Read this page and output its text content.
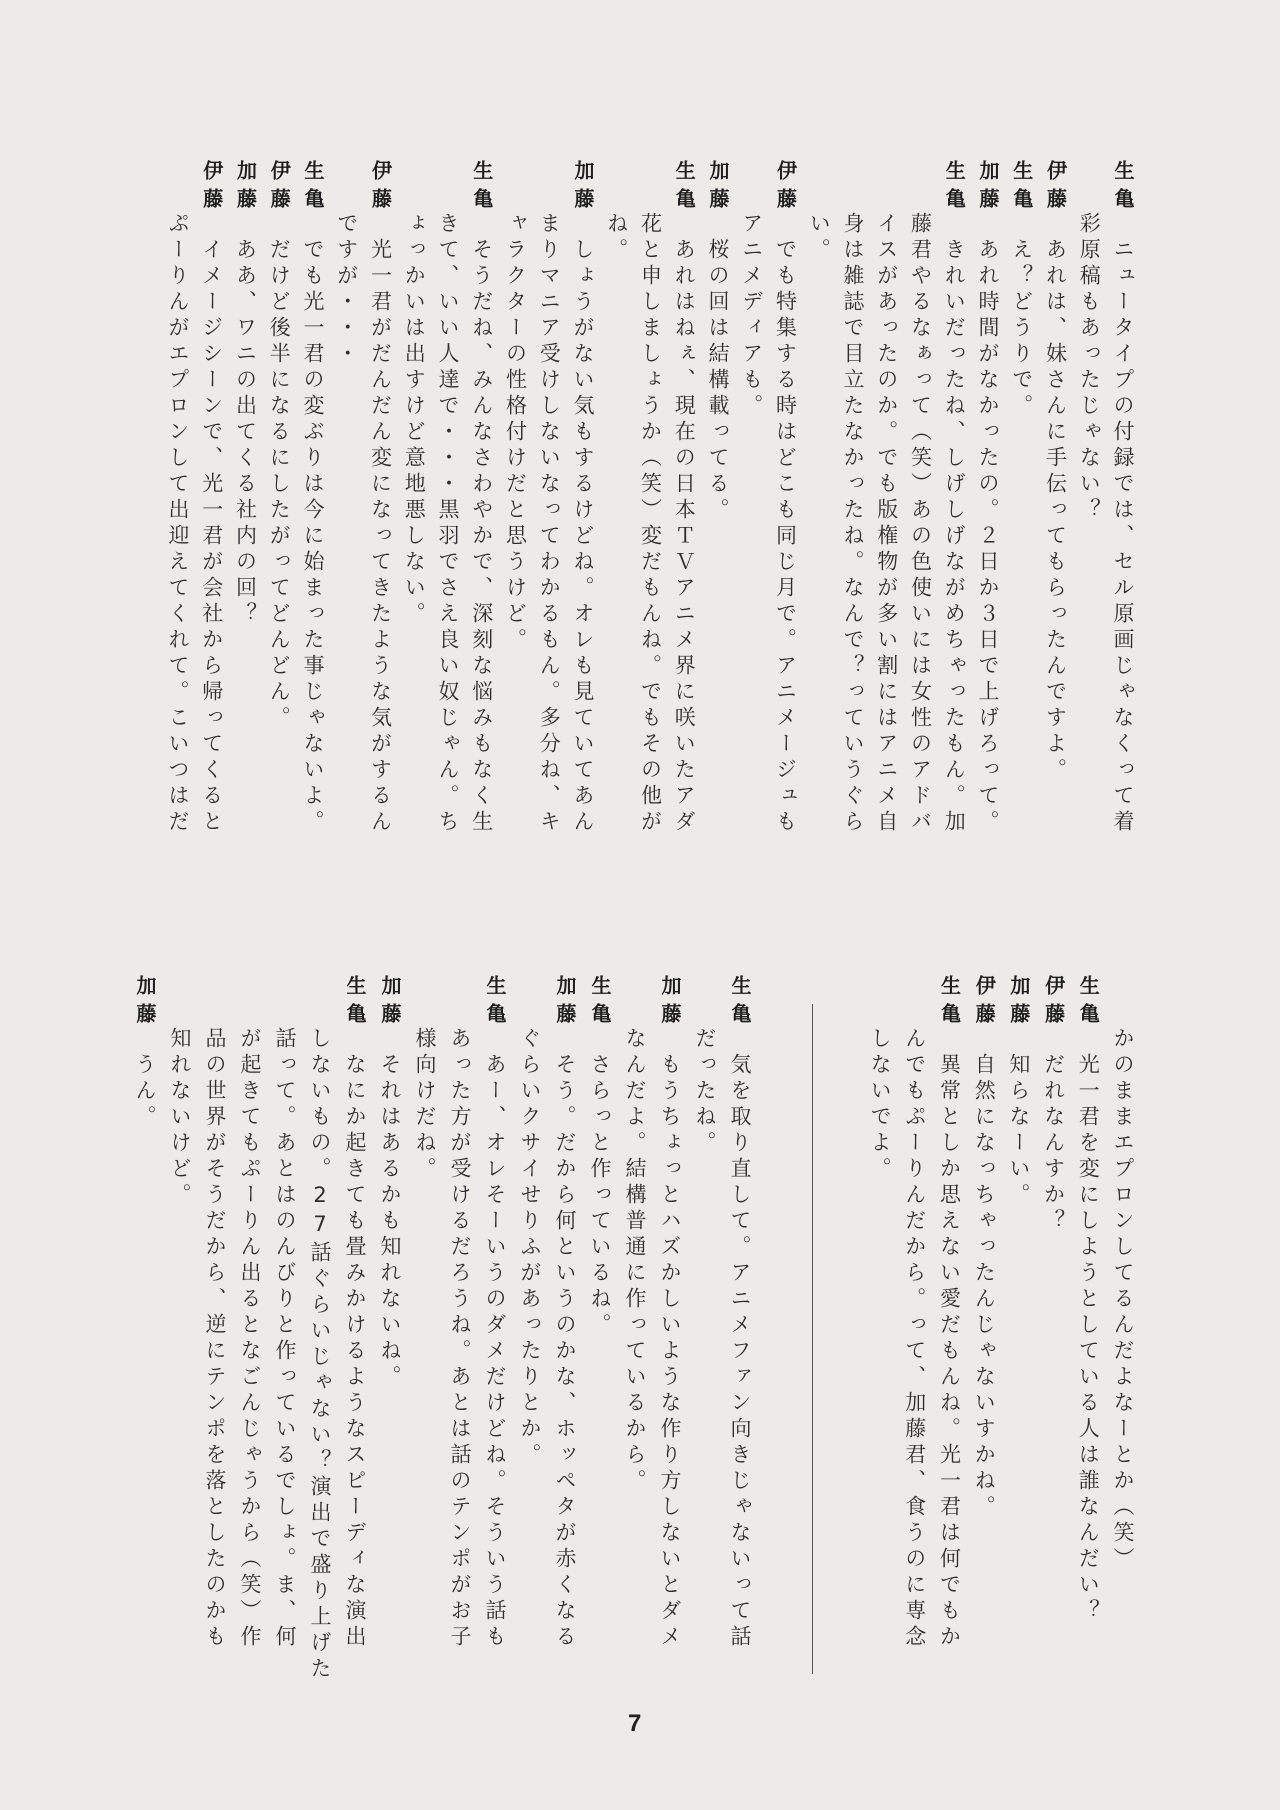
生亀
ニュータイプの付録では、セル原画じゃなくって着
彩原稿もあったじゃない？
伊藤
あれは、妹さんに手伝ってもらったんですよ。
生亀
え？どうりで。
加藤
あれ時間がなかったの。２日か３日で上げろって。
生亀
きれいだったね、しげしげながめちゃったもん。加
藤君やるなぁって（笑）あの色使いには女性のアドバ
イスがあったのか。でも版権物が多い割にはアニメ自
身は雑誌で目立たなかったね。なんで？っていうぐら
い。
伊藤
でも特集する時はどこも同じ月で。アニメージュも
アニメディアも。
加藤
桜の回は結構載ってる。
生亀
あれはねぇ、現在の日本ＴＶアニメ界に咲いたアダ
花と申しましょうか（笑）変だもんね。でもその他が
ね。
加藤
しょうがない気もするけどね。オレも見ていてあん
まりマニア受けしないなってわかるもん。多分ね、キ
ャラクターの性格付けだと思うけど。
生亀
そうだね、みんなさわやかで、深刻な悩みもなく生
きて、いい人達で・・・黒羽でさえ良い奴じゃん。ち
ょっかいは出すけど意地悪しない。
伊藤
光一君がだんだん変になってきたような気がするん
ですが・・・
生亀
でも光一君の変ぶりは今に始まった事じゃないよ。
伊藤
だけど後半になるにしたがってどんどん。
加藤
ああ、ワニの出てくる社内の回？
伊藤
イメージシーンで、光一君が会社から帰ってくると
ぷーりんがエプロンして出迎えてくれて。こいつはだ
かのままエプロンしてるんだよなーとか（笑）
生亀
光一君を変にしようとしている人は誰なんだい？
伊藤
だれなんすか？
加藤
知らなーい。
伊藤
自然になっちゃったんじゃないすかね。
生亀
異常としか思えない愛だもんね。光一君は何でもか
んでもぷーりんだから。って、加藤君、食うのに専念
しないでよ。
生亀
気を取り直して。アニメファン向きじゃないって話
だったね。
加藤
もうちょっとハズかしいような作り方しないとダメ
なんだよ。結構普通に作っているから。
生亀
さらっと作っているね。
加藤
そう。だから何というのかな、ホッペタが赤くなる
ぐらいクサイせりふがあったりとか。
生亀
あー、オレそーいうのダメだけどね。そういう話も
あった方が受けるだろうね。あとは話のテンポがお子
様向けだね。
加藤
それはあるかも知れないね。
生亀
なにか起きても畳みかけるようなスピーディな演出
しないもの。27話ぐらいじゃない？演出で盛り上げた
話って。あとはのんびりと作っているでしょ。ま、何
が起きてもぷーりん出るとなごんじゃうから（笑）作
品の世界がそうだから、逆にテンポを落としたのかも
知れないけど。
加藤
うん。
7
